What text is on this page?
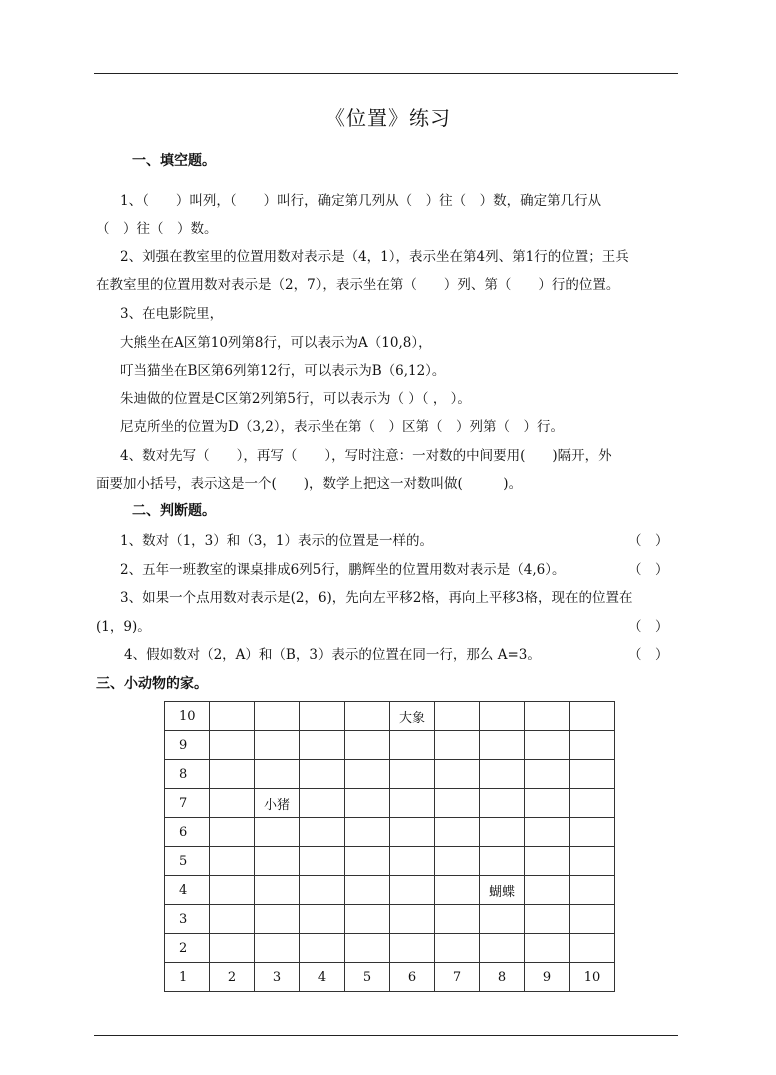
《位置》练习
一、填空题。
1、（　　）叫列，（　　）叫行，确定第几列从（　）往（　）数，确定第几行从
（　）往（　）数。
2、刘强在教室里的位置用数对表示是（4，1），表示坐在第4列、第1行的位置；王兵
在教室里的位置用数对表示是（2，7），表示坐在第（　　）列、第（　　）行的位置。
3、在电影院里，
大熊坐在A区第10列第8行，可以表示为A（10,8），
叮当猫坐在B区第6列第12行，可以表示为B（6,12）。
朱迪做的位置是C区第2列第5行，可以表示为（ ）（ ， ）。
尼克所坐的位置为D（3,2），表示坐在第（　）区第（　）列第（　）行。
4、数对先写（　　），再写（　　），写时注意：一对数的中间要用(　　)隔开，外
面要加小括号，表示这是一个(　　)，数学上把这一对数叫做(　　　)。
二、判断题。
1、数对（1，3）和（3，1）表示的位置是一样的。	（　）
2、五年一班教室的课桌排成6列5行，鹏辉坐的位置用数对表示是（4,6）。	（　）
3、如果一个点用数对表示是(2，6)，先向左平移2格，再向上平移3格，现在的位置在
(1，9)。	（　）
4、假如数对（2，A）和（B，3）表示的位置在同一行，那么 A=3。	（　）
三、小动物的家。
10					大象				
9									
8									
7		小猪							
6									
5									
4							蝴蝶		
3									
2									
1	2	3	4	5	6	7	8	9	10
